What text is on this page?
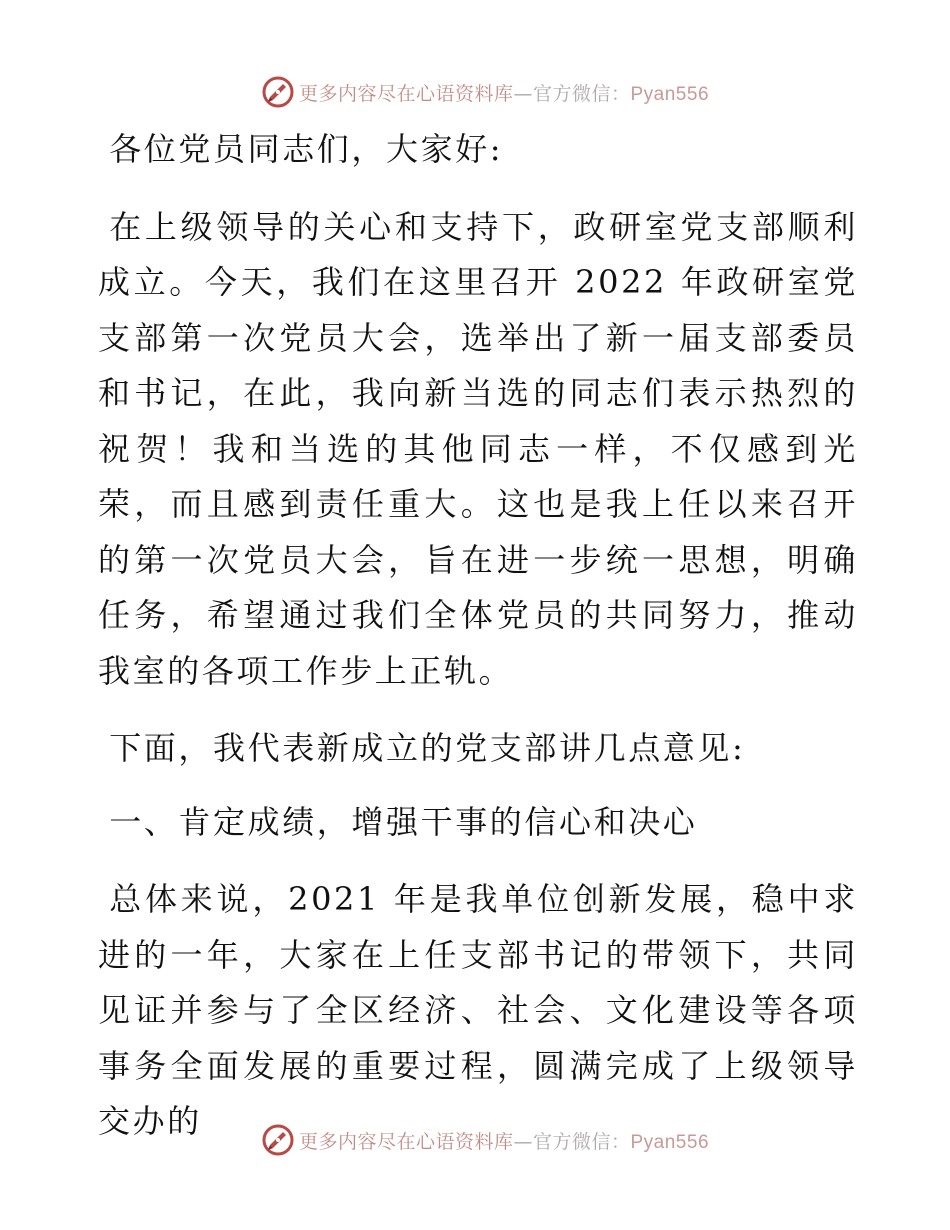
更多内容尽在心语资料库—官方微信：Pyan556

各位党员同志们，大家好:

在上级领导的关心和支持下，政研室党支部顺利成立。今天，我们在这里召开 2022 年政研室党支部第一次党员大会，选举出了新一届支部委员和书记，在此，我向新当选的同志们表示热烈的祝贺！我和当选的其他同志一样，不仅感到光荣，而且感到责任重大。这也是我上任以来召开的第一次党员大会，旨在进一步统一思想，明确任务，希望通过我们全体党员的共同努力，推动我室的各项工作步上正轨。

下面，我代表新成立的党支部讲几点意见:

一、肯定成绩，增强干事的信心和决心

总体来说，2021 年是我单位创新发展，稳中求进的一年，大家在上任支部书记的带领下，共同见证并参与了全区经济、社会、文化建设等各项 事务全面发展的重要过程，圆满完成了上级领导交办的

更多内容尽在心语资料库—官方微信：Pyan556
